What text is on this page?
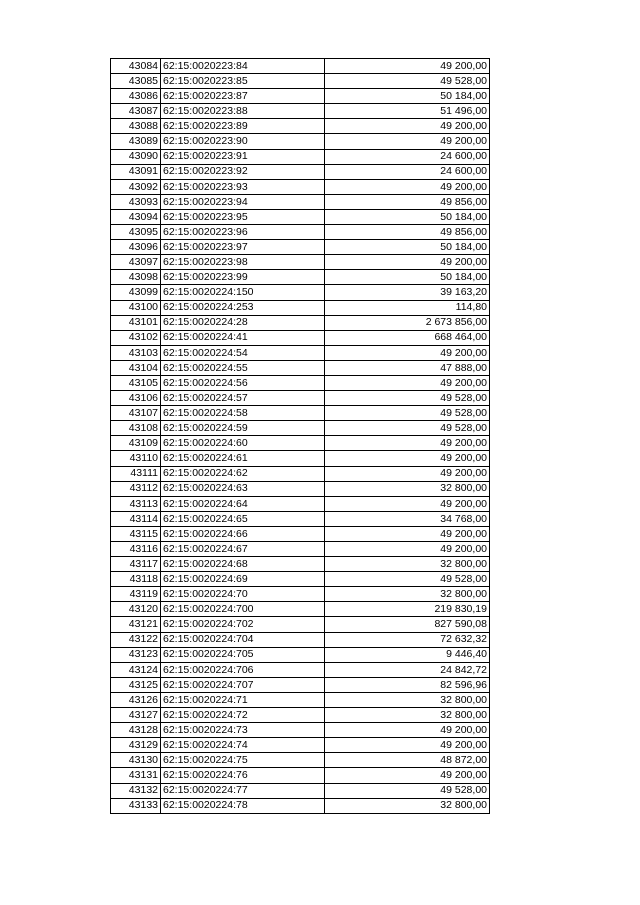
43084	62:15:0020223:84	49 200,00
43085	62:15:0020223:85	49 528,00
43086	62:15:0020223:87	50 184,00
43087	62:15:0020223:88	51 496,00
43088	62:15:0020223:89	49 200,00
43089	62:15:0020223:90	49 200,00
43090	62:15:0020223:91	24 600,00
43091	62:15:0020223:92	24 600,00
43092	62:15:0020223:93	49 200,00
43093	62:15:0020223:94	49 856,00
43094	62:15:0020223:95	50 184,00
43095	62:15:0020223:96	49 856,00
43096	62:15:0020223:97	50 184,00
43097	62:15:0020223:98	49 200,00
43098	62:15:0020223:99	50 184,00
43099	62:15:0020224:150	39 163,20
43100	62:15:0020224:253	114,80
43101	62:15:0020224:28	2 673 856,00
43102	62:15:0020224:41	668 464,00
43103	62:15:0020224:54	49 200,00
43104	62:15:0020224:55	47 888,00
43105	62:15:0020224:56	49 200,00
43106	62:15:0020224:57	49 528,00
43107	62:15:0020224:58	49 528,00
43108	62:15:0020224:59	49 528,00
43109	62:15:0020224:60	49 200,00
43110	62:15:0020224:61	49 200,00
43111	62:15:0020224:62	49 200,00
43112	62:15:0020224:63	32 800,00
43113	62:15:0020224:64	49 200,00
43114	62:15:0020224:65	34 768,00
43115	62:15:0020224:66	49 200,00
43116	62:15:0020224:67	49 200,00
43117	62:15:0020224:68	32 800,00
43118	62:15:0020224:69	49 528,00
43119	62:15:0020224:70	32 800,00
43120	62:15:0020224:700	219 830,19
43121	62:15:0020224:702	827 590,08
43122	62:15:0020224:704	72 632,32
43123	62:15:0020224:705	9 446,40
43124	62:15:0020224:706	24 842,72
43125	62:15:0020224:707	82 596,96
43126	62:15:0020224:71	32 800,00
43127	62:15:0020224:72	32 800,00
43128	62:15:0020224:73	49 200,00
43129	62:15:0020224:74	49 200,00
43130	62:15:0020224:75	48 872,00
43131	62:15:0020224:76	49 200,00
43132	62:15:0020224:77	49 528,00
43133	62:15:0020224:78	32 800,00
